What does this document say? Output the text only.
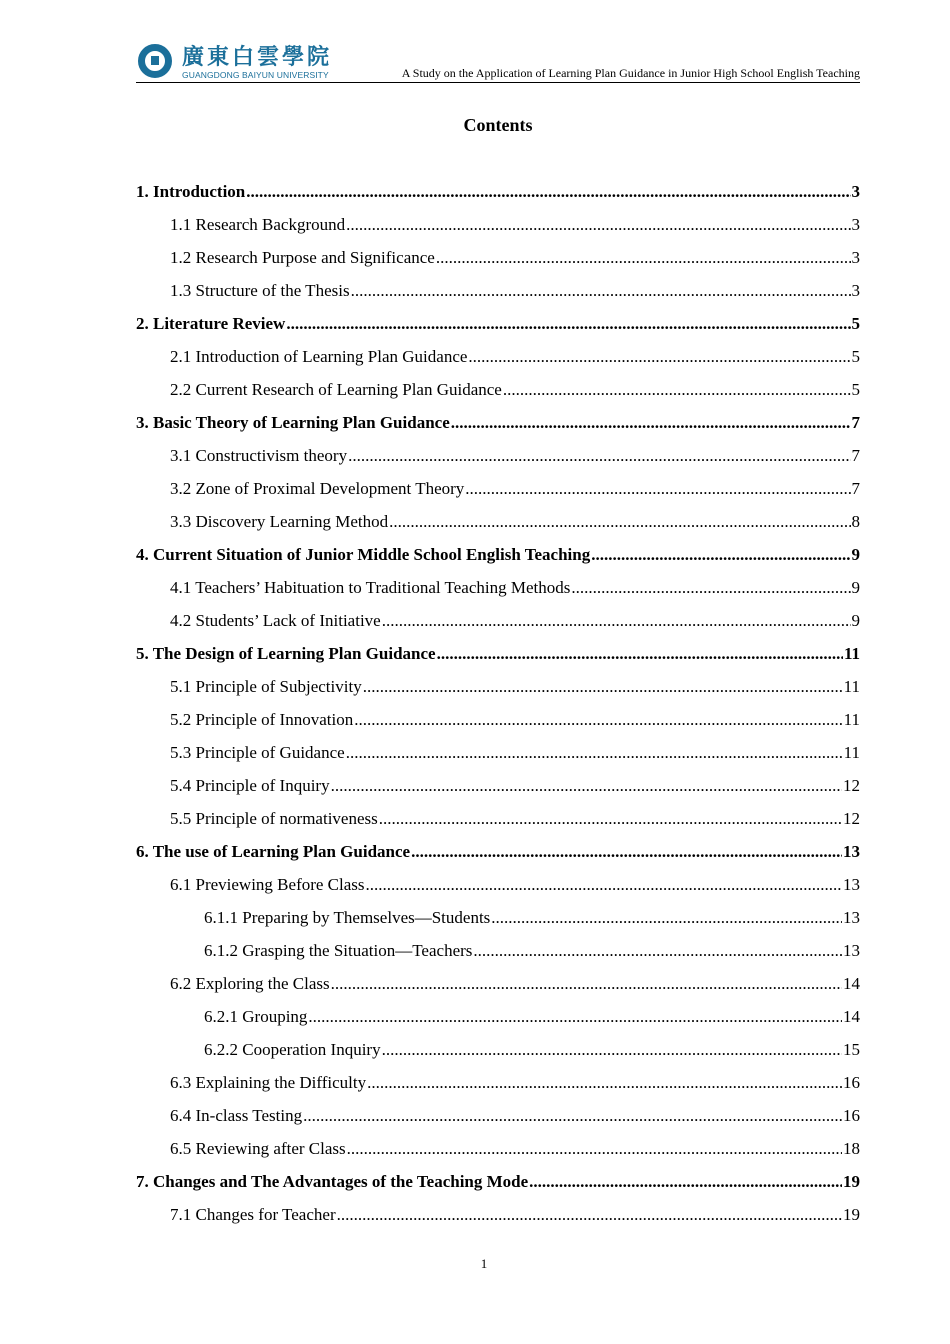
廣東白雲學院
GUANGDONG BAIYUN UNIVERSITY	A Study on the Application of Learning Plan Guidance in Junior High School English Teaching
Contents
1. Introduction .....	3
1.1 Research Background .....	3
1.2 Research Purpose and Significance .....	3
1.3 Structure of the Thesis .....	3
2. Literature Review .....	5
2.1 Introduction of Learning Plan Guidance .....	5
2.2 Current Research of Learning Plan Guidance .....	5
3. Basic Theory of Learning Plan Guidance .....	7
3.1 Constructivism theory .....	7
3.2 Zone of Proximal Development Theory .....	7
3.3 Discovery Learning Method .....	8
4. Current Situation of Junior Middle School English Teaching .....	9
4.1 Teachers’ Habituation to Traditional Teaching Methods .....	9
4.2 Students’ Lack of Initiative .....	9
5. The Design of Learning Plan Guidance .....	11
5.1 Principle of Subjectivity .....	11
5.2 Principle of Innovation .....	11
5.3 Principle of Guidance .....	11
5.4 Principle of Inquiry .....	12
5.5 Principle of normativeness .....	12
6. The use of Learning Plan Guidance .....	13
6.1 Previewing Before Class .....	13
6.1.1 Preparing by Themselves—Students .....	13
6.1.2 Grasping the Situation—Teachers .....	13
6.2 Exploring the Class .....	14
6.2.1 Grouping .....	14
6.2.2 Cooperation Inquiry .....	15
6.3 Explaining the Difficulty .....	16
6.4 In-class Testing .....	16
6.5 Reviewing after Class .....	18
7. Changes and The Advantages of the Teaching Mode .....	19
7.1 Changes for Teacher .....	19
1
